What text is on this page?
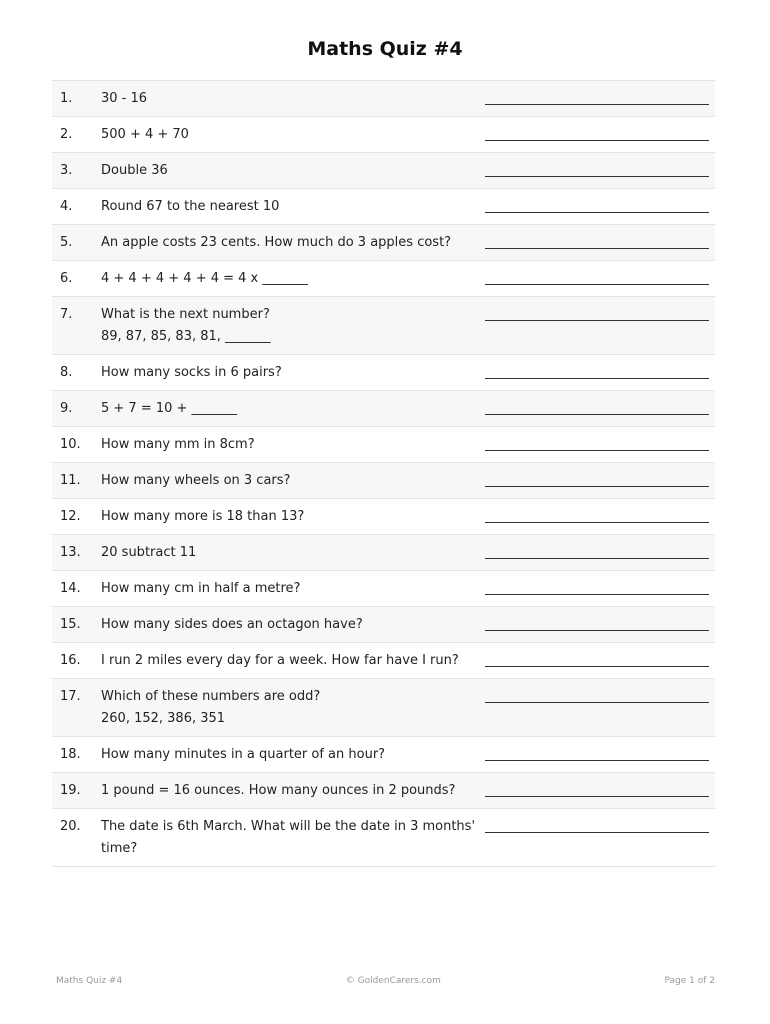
Maths Quiz #4
1.	30 - 16
2.	500 + 4 + 70
3.	Double 36
4.	Round 67 to the nearest 10
5.	An apple costs 23 cents. How much do 3 apples cost?
6.	4 + 4 + 4 + 4 + 4 = 4 x _______
7.	What is the next number?
89, 87, 85, 83, 81, _______
8.	How many socks in 6 pairs?
9.	5 + 7 = 10 + _______
10.	How many mm in 8cm?
11.	How many wheels on 3 cars?
12.	How many more is 18 than 13?
13.	20 subtract 11
14.	How many cm in half a metre?
15.	How many sides does an octagon have?
16.	I run 2 miles every day for a week. How far have I run?
17.	Which of these numbers are odd?
260, 152, 386, 351
18.	How many minutes in a quarter of an hour?
19.	1 pound = 16 ounces. How many ounces in 2 pounds?
20.	The date is 6th March. What will be the date in 3 months'
time?
Maths Quiz #4	© GoldenCarers.com	Page 1 of 2
